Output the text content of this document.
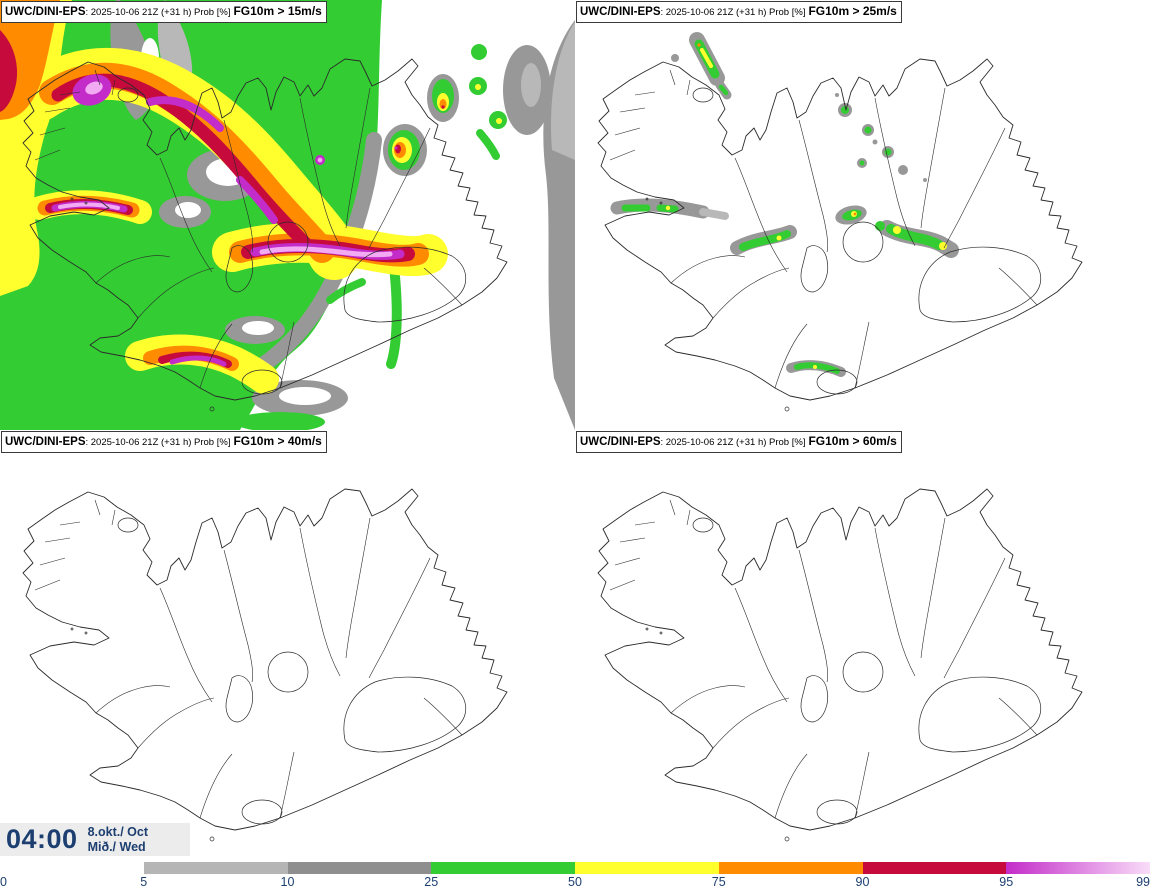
UWC/DINI-EPS: 2025-10-06 21Z (+31 h) Prob [%] FG10m > 15m/s	UWC/DINI-EPS: 2025-10-06 21Z (+31 h) Prob [%] FG10m > 25m/s
UWC/DINI-EPS: 2025-10-06 21Z (+31 h) Prob [%] FG10m > 40m/s	UWC/DINI-EPS: 2025-10-06 21Z (+31 h) Prob [%] FG10m > 60m/s
04:00 8.okt./ Oct
Mið./ Wed
0	5	10	25	50	75	90	95	99
